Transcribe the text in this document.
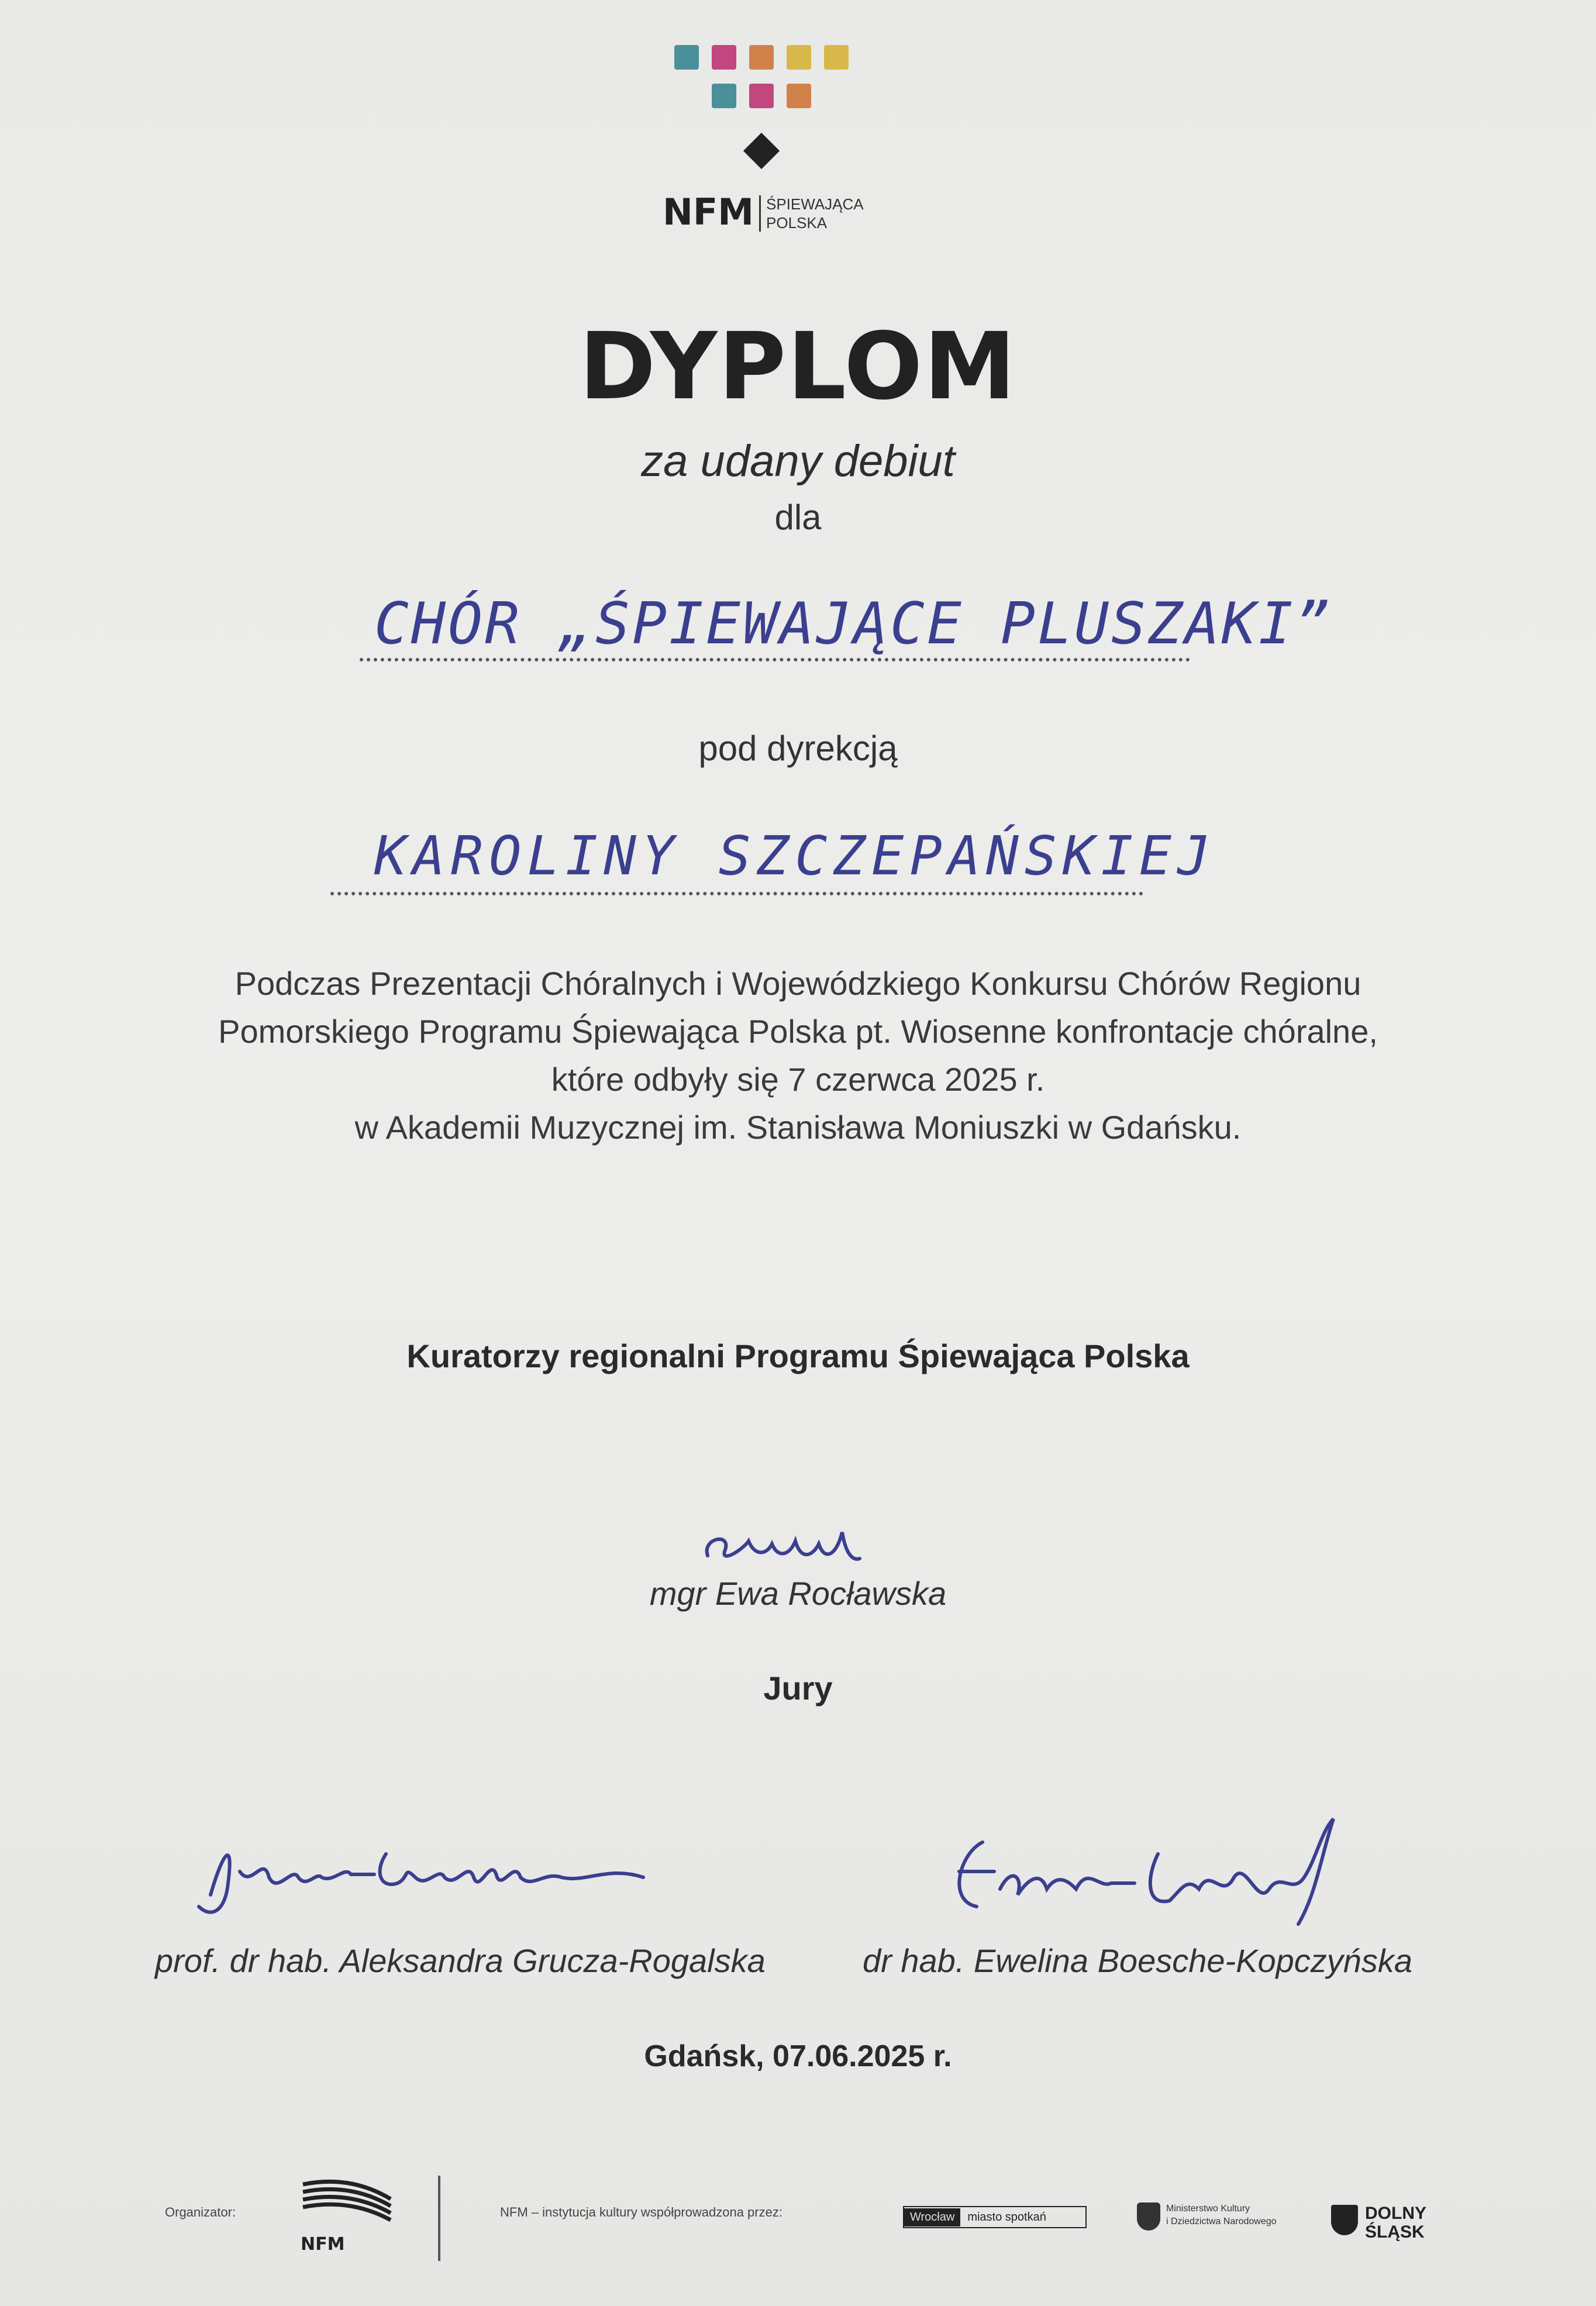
NFM ŚPIEWAJĄCA
POLSKA
DYPLOM
za udany debiut
dla
CHÓR „ŚPIEWAJĄCE PLUSZAKI”
pod dyrekcją
KAROLINY SZCZEPAŃSKIEJ
Podczas Prezentacji Chóralnych i Wojewódzkiego Konkursu Chórów Regionu
Pomorskiego Programu Śpiewająca Polska pt. Wiosenne konfrontacje chóralne,
które odbyły się 7 czerwca 2025 r.
w Akademii Muzycznej im. Stanisława Moniuszki w Gdańsku.
Kuratorzy regionalni Programu Śpiewająca Polska
mgr Ewa Rocławska
Jury
prof. dr hab. Aleksandra Grucza-Rogalska	dr hab. Ewelina Boesche-Kopczyńska
Gdańsk, 07.06.2025 r.
Organizator:
NFM
NFM – instytucja kultury współprowadzona przez:	Wrocław	miasto spotkań
Ministerstwo Kultury
i Dziedzictwa Narodowego	DOLNY
ŚLĄSK
